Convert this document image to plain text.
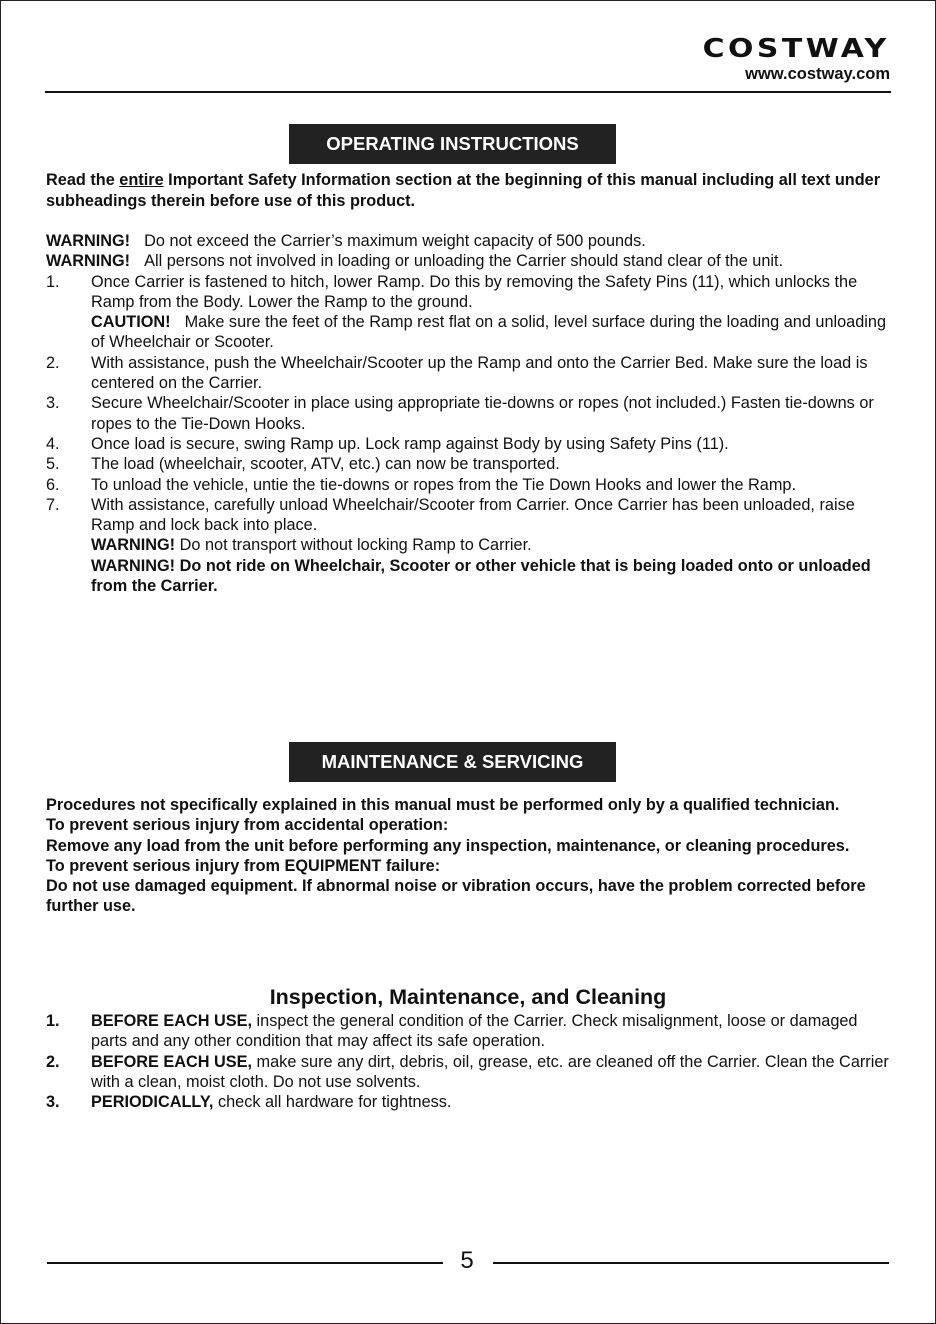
COSTWAY
www.costway.com
OPERATING INSTRUCTIONS
Read the entire Important Safety Information section at the beginning of this manual including all text under subheadings therein before use of this product.
WARNING! Do not exceed the Carrier’s maximum weight capacity of 500 pounds.
WARNING! All persons not involved in loading or unloading the Carrier should stand clear of the unit.
1.	Once Carrier is fastened to hitch, lower Ramp. Do this by removing the Safety Pins (11), which unlocks the Ramp from the Body. Lower the Ramp to the ground.
CAUTION! Make sure the feet of the Ramp rest flat on a solid, level surface during the loading and unloading of Wheelchair or Scooter.
2.	With assistance, push the Wheelchair/Scooter up the Ramp and onto the Carrier Bed. Make sure the load is centered on the Carrier.
3.	Secure Wheelchair/Scooter in place using appropriate tie-downs or ropes (not included.) Fasten tie-downs or ropes to the Tie-Down Hooks.
4.	Once load is secure, swing Ramp up. Lock ramp against Body by using Safety Pins (11).
5.	The load (wheelchair, scooter, ATV, etc.) can now be transported.
6.	To unload the vehicle, untie the tie-downs or ropes from the Tie Down Hooks and lower the Ramp.
7.	With assistance, carefully unload Wheelchair/Scooter from Carrier. Once Carrier has been unloaded, raise Ramp and lock back into place.
WARNING! Do not transport without locking Ramp to Carrier.
WARNING! Do not ride on Wheelchair, Scooter or other vehicle that is being loaded onto or unloaded from the Carrier.
MAINTENANCE & SERVICING
Procedures not specifically explained in this manual must be performed only by a qualified technician.
To prevent serious injury from accidental operation:
Remove any load from the unit before performing any inspection, maintenance, or cleaning procedures.
To prevent serious injury from EQUIPMENT failure:
Do not use damaged equipment. If abnormal noise or vibration occurs, have the problem corrected before further use.
Inspection, Maintenance, and Cleaning
1.	BEFORE EACH USE, inspect the general condition of the Carrier. Check misalignment, loose or damaged parts and any other condition that may affect its safe operation.
2.	BEFORE EACH USE, make sure any dirt, debris, oil, grease, etc. are cleaned off the Carrier. Clean the Carrier with a clean, moist cloth. Do not use solvents.
3.	PERIODICALLY, check all hardware for tightness.
5
